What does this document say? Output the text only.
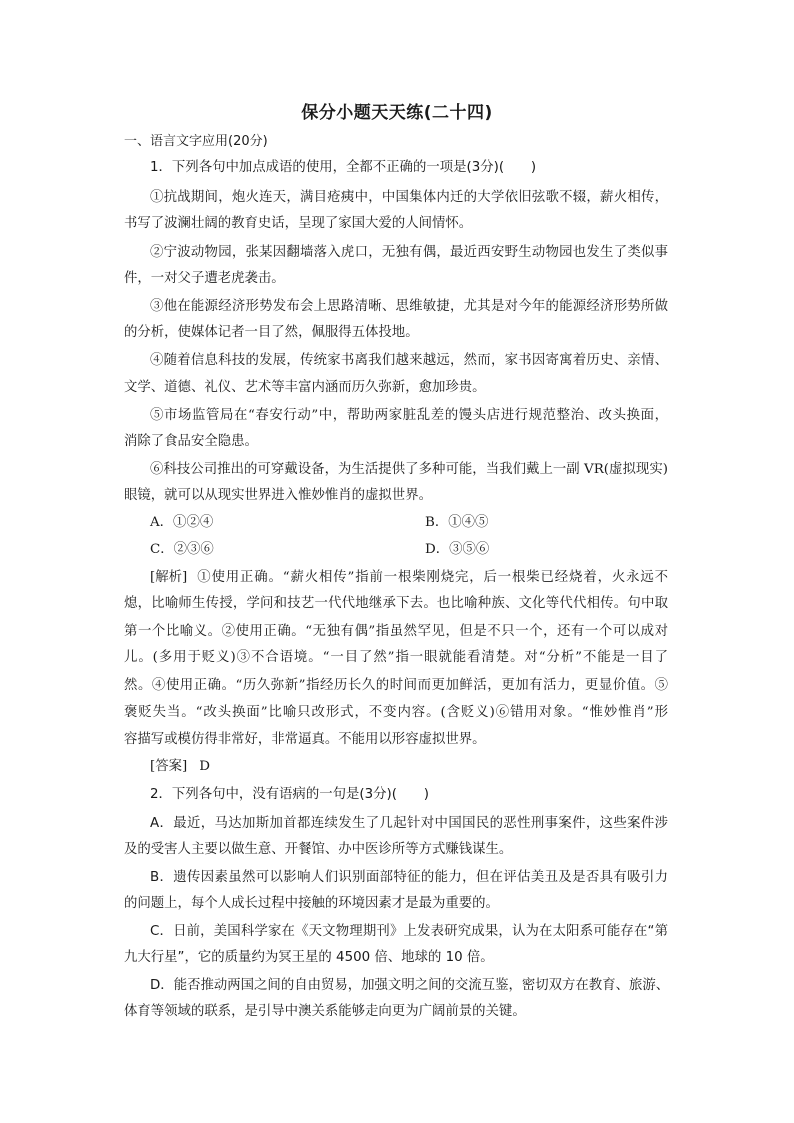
保分小题天天练(二十四)
一、语言文字应用(20分)
1．下列各句中加点成语的使用，全都不正确的一项是(3分)(　　)
①抗战期间，炮火连天，满目疮痍中，中国集体内迁的大学依旧弦歌不辍，薪火相传，
书写了波澜壮阔的教育史话，呈现了家国大爱的人间情怀。
②宁波动物园，张某因翻墙落入虎口，无独有偶，最近西安野生动物园也发生了类似事
件，一对父子遭老虎袭击。
③他在能源经济形势发布会上思路清晰、思维敏捷，尤其是对今年的能源经济形势所做
的分析，使媒体记者一目了然，佩服得五体投地。
④随着信息科技的发展，传统家书离我们越来越远，然而，家书因寄寓着历史、亲情、
文学、道德、礼仪、艺术等丰富内涵而历久弥新，愈加珍贵。
⑤市场监管局在“春安行动”中，帮助两家脏乱差的馒头店进行规范整治、改头换面，
消除了食品安全隐患。
⑥科技公司推出的可穿戴设备，为生活提供了多种可能，当我们戴上一副 VR(虚拟现实)
眼镜，就可以从现实世界进入惟妙惟肖的虚拟世界。
A．①②④	B．①④⑤
C．②③⑥	D．③⑤⑥
[解析] ①使用正确。“薪火相传”指前一根柴刚烧完，后一根柴已经烧着，火永远不
熄，比喻师生传授，学问和技艺一代代地继承下去。也比喻种族、文化等代代相传。句中取
第一个比喻义。②使用正确。“无独有偶”指虽然罕见，但是不只一个，还有一个可以成对
儿。(多用于贬义)③不合语境。“一目了然”指一眼就能看清楚。对“分析”不能是一目了
然。④使用正确。“历久弥新”指经历长久的时间而更加鲜活，更加有活力，更显价值。⑤
褒贬失当。“改头换面”比喻只改形式，不变内容。(含贬义)⑥错用对象。“惟妙惟肖”形
容描写或模仿得非常好，非常逼真。不能用以形容虚拟世界。
[答案] D
2．下列各句中，没有语病的一句是(3分)(　　)
A．最近，马达加斯加首都连续发生了几起针对中国国民的恶性刑事案件，这些案件涉
及的受害人主要以做生意、开餐馆、办中医诊所等方式赚钱谋生。
B．遗传因素虽然可以影响人们识别面部特征的能力，但在评估美丑及是否具有吸引力
的问题上，每个人成长过程中接触的环境因素才是最为重要的。
C．日前，美国科学家在《天文物理期刊》上发表研究成果，认为在太阳系可能存在“第
九大行星”，它的质量约为冥王星的 4500 倍、地球的 10 倍。
D．能否推动两国之间的自由贸易，加强文明之间的交流互鉴，密切双方在教育、旅游、
体育等领域的联系，是引导中澳关系能够走向更为广阔前景的关键。
